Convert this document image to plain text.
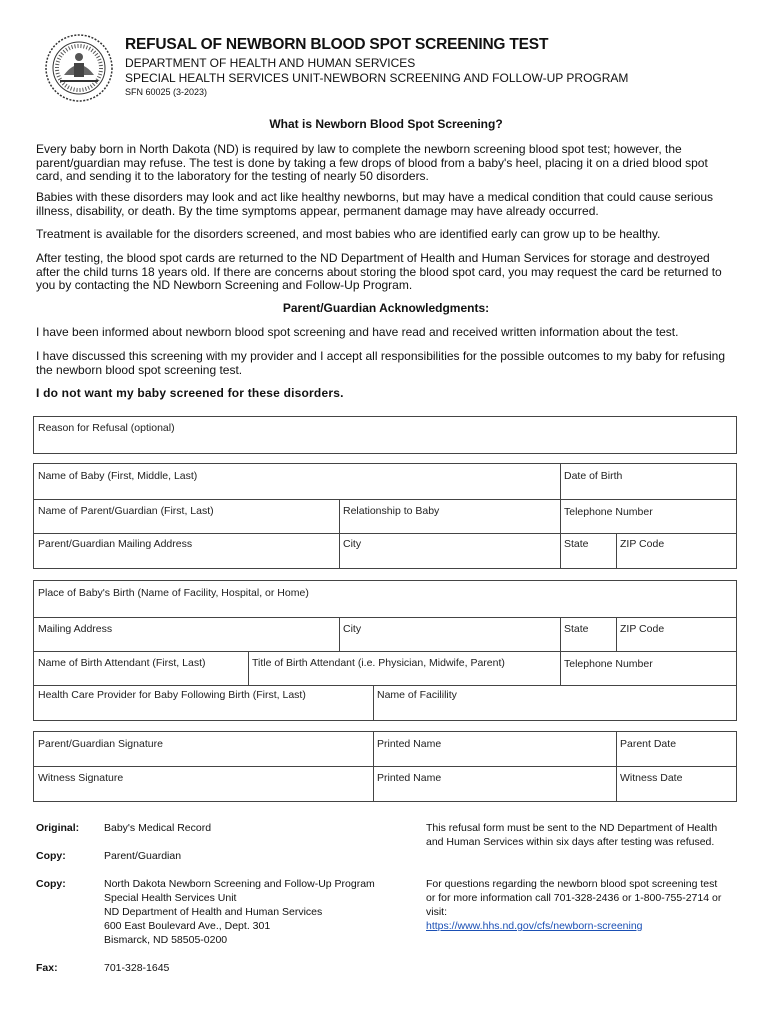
REFUSAL OF NEWBORN BLOOD SPOT SCREENING TEST
DEPARTMENT OF HEALTH AND HUMAN SERVICES
SPECIAL HEALTH SERVICES UNIT-NEWBORN SCREENING AND FOLLOW-UP PROGRAM
SFN 60025 (3-2023)
What is Newborn Blood Spot Screening?
Every baby born in North Dakota (ND) is required by law to complete the newborn screening blood spot test; however, the parent/guardian may refuse. The test is done by taking a few drops of blood from a baby's heel, placing it on a dried blood spot card, and sending it to the laboratory for the testing of nearly 50 disorders.
Babies with these disorders may look and act like healthy newborns, but may have a medical condition that could cause serious illness, disability, or death. By the time symptoms appear, permanent damage may have already occurred.
Treatment is available for the disorders screened, and most babies who are identified early can grow up to be healthy.
After testing, the blood spot cards are returned to the ND Department of Health and Human Services for storage and destroyed after the child turns 18 years old. If there are concerns about storing the blood spot card, you may request the card be returned to you by contacting the ND Newborn Screening and Follow-Up Program.
Parent/Guardian Acknowledgments:
I have been informed about newborn blood spot screening and have read and received written information about the test.
I have discussed this screening with my provider and I accept all responsibilities for the possible outcomes to my baby for refusing the newborn blood spot screening test.
I do not want my baby screened for these disorders.
Reason for Refusal (optional)
Name of Baby (First, Middle, Last)	Date of Birth
Name of Parent/Guardian (First, Last)	Relationship to Baby	Telephone Number
Parent/Guardian Mailing Address	City	State	ZIP Code
Place of Baby's Birth (Name of Facility, Hospital, or Home)
Mailing Address	City	State	ZIP Code
Name of Birth Attendant (First, Last)	Title of Birth Attendant (i.e. Physician, Midwife, Parent)	Telephone Number
Health Care Provider for Baby Following Birth (First, Last)	Name of Facilility
Parent/Guardian Signature	Printed Name	Parent Date
Witness Signature	Printed Name	Witness Date
Original: Baby's Medical Record
Copy:	Parent/Guardian
Copy:	North Dakota Newborn Screening and Follow-Up Program
Special Health Services Unit
ND Department of Health and Human Services
600 East Boulevard Ave., Dept. 301
Bismarck, ND 58505-0200
Fax:	701-328-1645
This refusal form must be sent to the ND Department of Health and Human Services within six days after testing was refused.
For questions regarding the newborn blood spot screening test or for more information call 701-328-2436 or 1-800-755-2714 or visit:
https://www.hhs.nd.gov/cfs/newborn-screening
